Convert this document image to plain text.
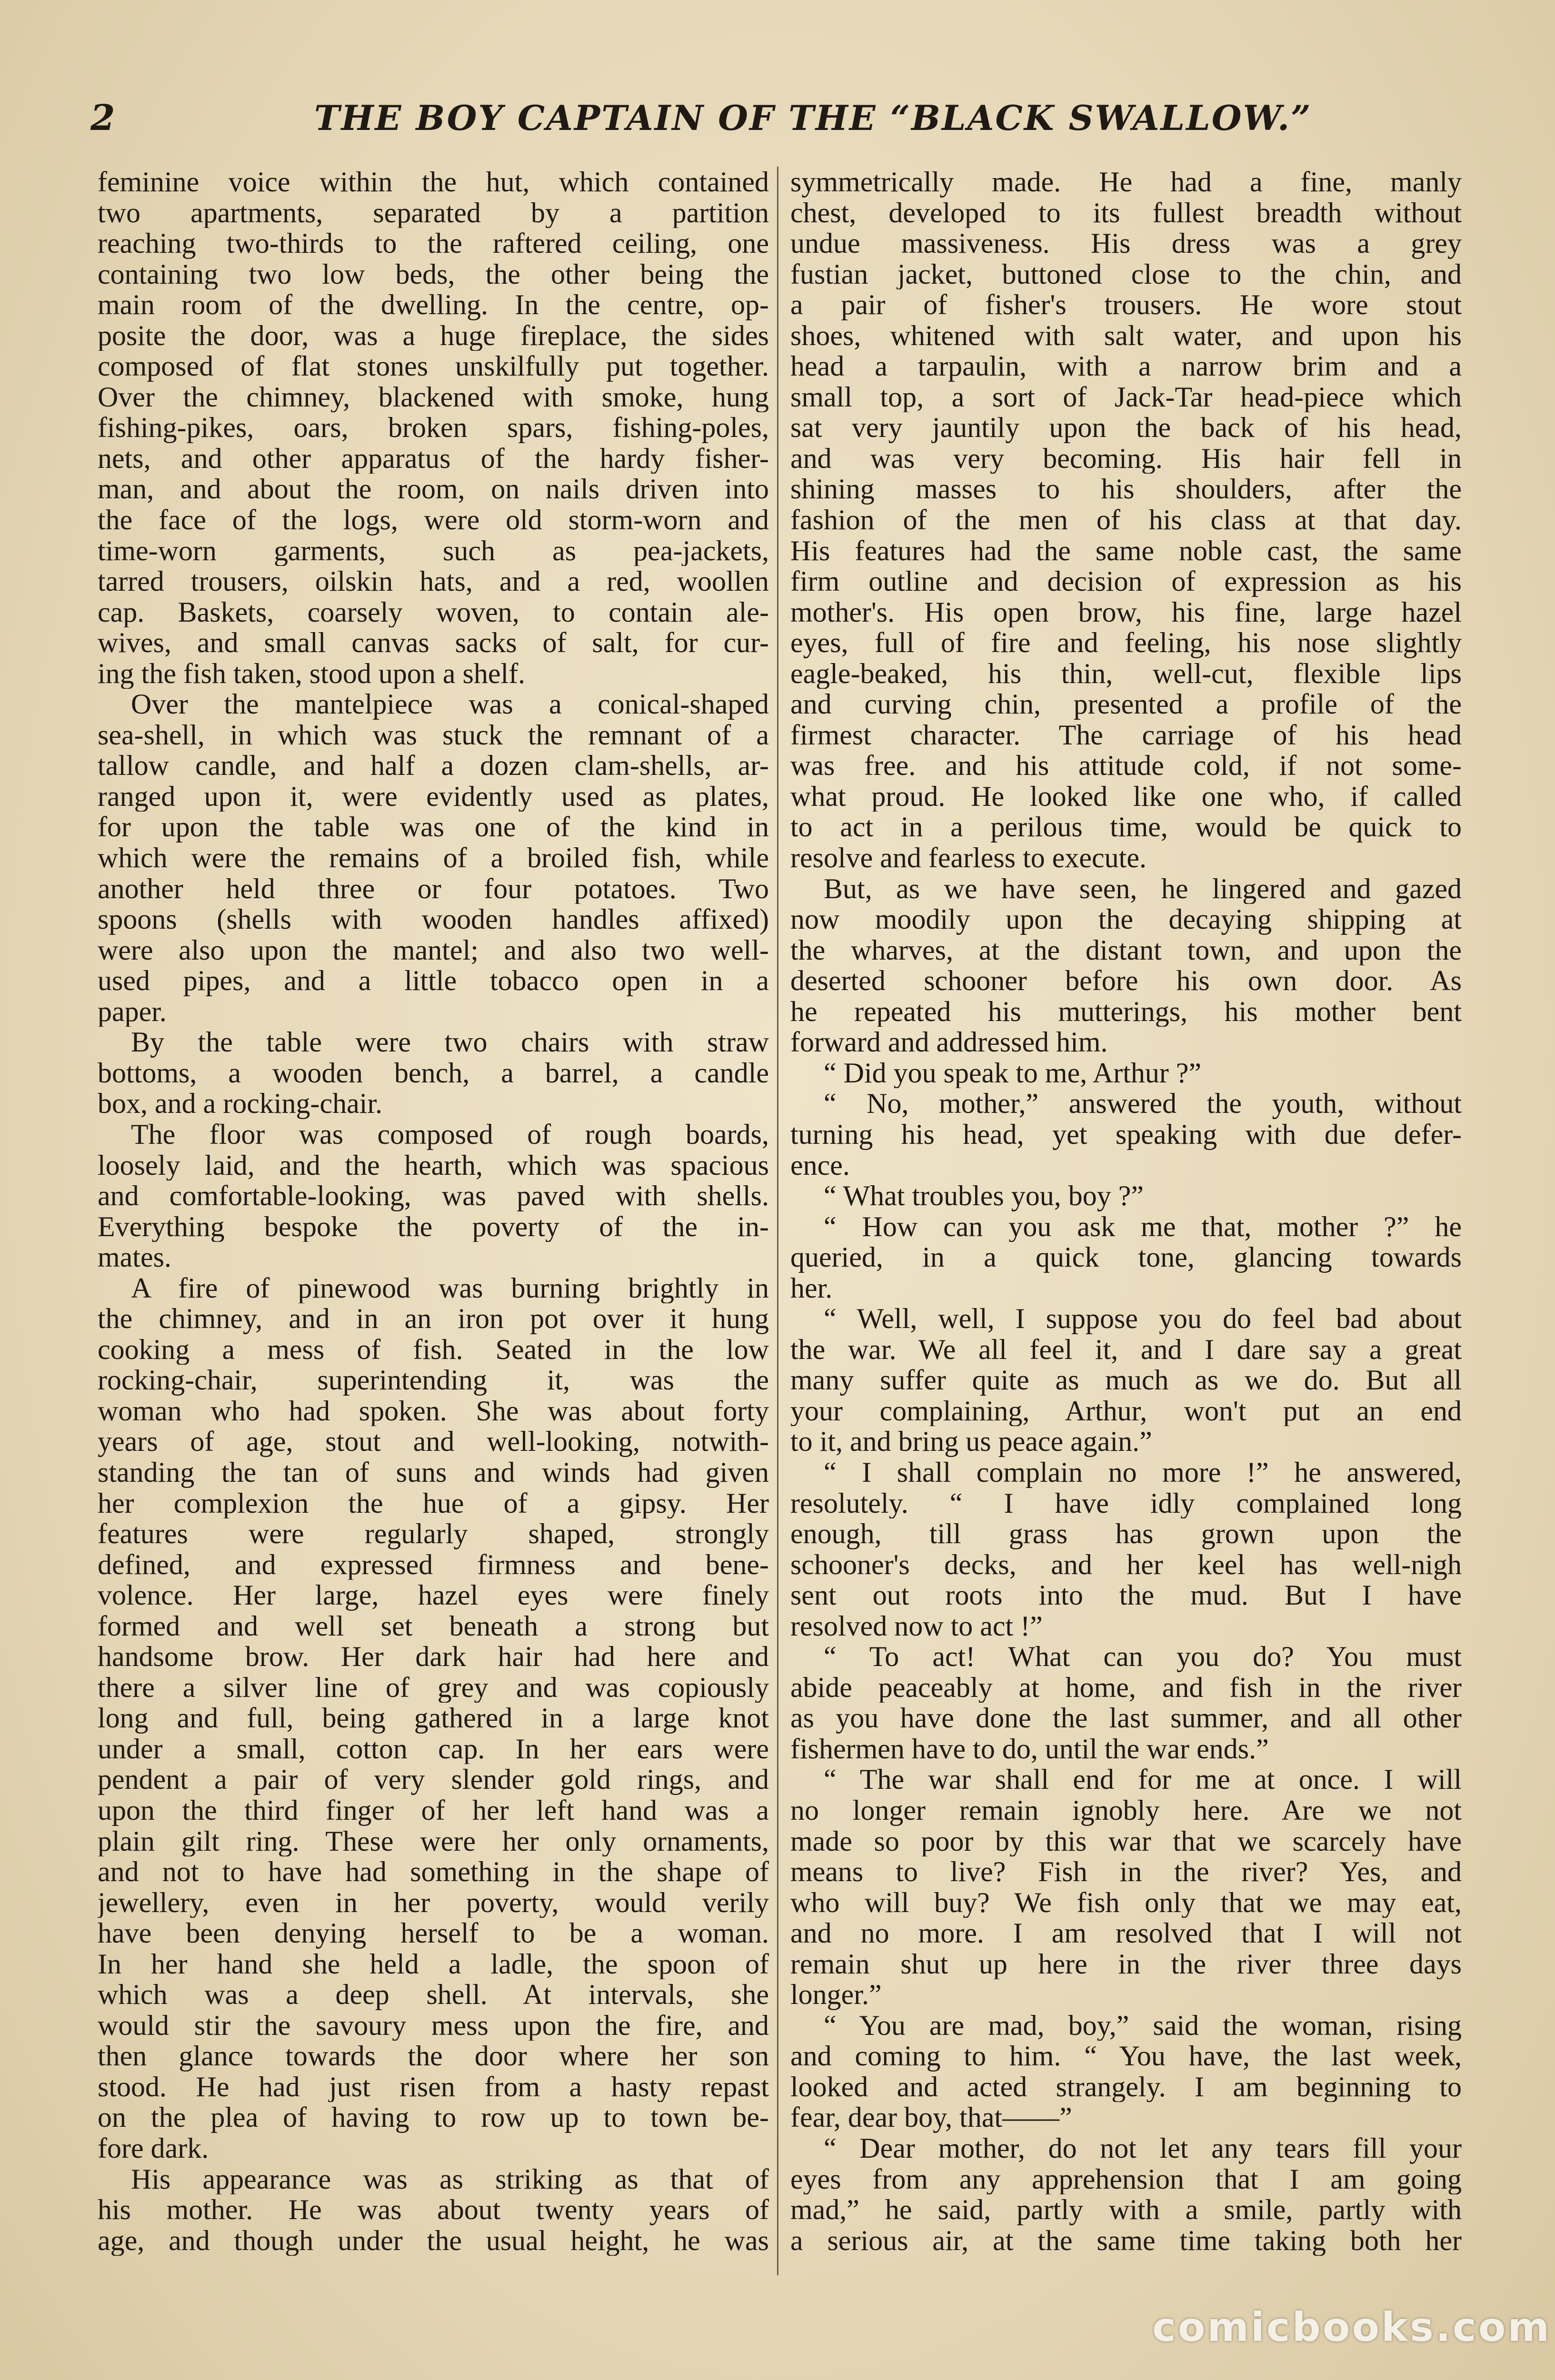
2	THE BOY CAPTAIN OF THE “BLACK SWALLOW.”
feminine voice within the hut, which contained
two apartments, separated by a partition
reaching two-thirds to the raftered ceiling, one
containing two low beds, the other being the
main room of the dwelling. In the centre, op-
posite the door, was a huge fireplace, the sides
composed of flat stones unskilfully put together.
Over the chimney, blackened with smoke, hung
fishing-pikes, oars, broken spars, fishing-poles,
nets, and other apparatus of the hardy fisher-
man, and about the room, on nails driven into
the face of the logs, were old storm-worn and
time-worn garments, such as pea-jackets,
tarred trousers, oilskin hats, and a red, woollen
cap. Baskets, coarsely woven, to contain ale-
wives, and small canvas sacks of salt, for cur-
ing the fish taken, stood upon a shelf.
Over the mantelpiece was a conical-shaped
sea-shell, in which was stuck the remnant of a
tallow candle, and half a dozen clam-shells, ar-
ranged upon it, were evidently used as plates,
for upon the table was one of the kind in
which were the remains of a broiled fish, while
another held three or four potatoes. Two
spoons (shells with wooden handles affixed)
were also upon the mantel; and also two well-
used pipes, and a little tobacco open in a
paper.
By the table were two chairs with straw
bottoms, a wooden bench, a barrel, a candle
box, and a rocking-chair.
The floor was composed of rough boards,
loosely laid, and the hearth, which was spacious
and comfortable-looking, was paved with shells.
Everything bespoke the poverty of the in-
mates.
A fire of pinewood was burning brightly in
the chimney, and in an iron pot over it hung
cooking a mess of fish. Seated in the low
rocking-chair, superintending it, was the
woman who had spoken. She was about forty
years of age, stout and well-looking, notwith-
standing the tan of suns and winds had given
her complexion the hue of a gipsy. Her
features were regularly shaped, strongly
defined, and expressed firmness and bene-
volence. Her large, hazel eyes were finely
formed and well set beneath a strong but
handsome brow. Her dark hair had here and
there a silver line of grey and was copiously
long and full, being gathered in a large knot
under a small, cotton cap. In her ears were
pendent a pair of very slender gold rings, and
upon the third finger of her left hand was a
plain gilt ring. These were her only ornaments,
and not to have had something in the shape of
jewellery, even in her poverty, would verily
have been denying herself to be a woman.
In her hand she held a ladle, the spoon of
which was a deep shell. At intervals, she
would stir the savoury mess upon the fire, and
then glance towards the door where her son
stood. He had just risen from a hasty repast
on the plea of having to row up to town be-
fore dark.
His appearance was as striking as that of
his mother. He was about twenty years of
age, and though under the usual height, he was
symmetrically made. He had a fine, manly
chest, developed to its fullest breadth without
undue massiveness. His dress was a grey
fustian jacket, buttoned close to the chin, and
a pair of fisher's trousers. He wore stout
shoes, whitened with salt water, and upon his
head a tarpaulin, with a narrow brim and a
small top, a sort of Jack-Tar head-piece which
sat very jauntily upon the back of his head,
and was very becoming. His hair fell in
shining masses to his shoulders, after the
fashion of the men of his class at that day.
His features had the same noble cast, the same
firm outline and decision of expression as his
mother's. His open brow, his fine, large hazel
eyes, full of fire and feeling, his nose slightly
eagle-beaked, his thin, well-cut, flexible lips
and curving chin, presented a profile of the
firmest character. The carriage of his head
was free. and his attitude cold, if not some-
what proud. He looked like one who, if called
to act in a perilous time, would be quick to
resolve and fearless to execute.
But, as we have seen, he lingered and gazed
now moodily upon the decaying shipping at
the wharves, at the distant town, and upon the
deserted schooner before his own door. As
he repeated his mutterings, his mother bent
forward and addressed him.
“ Did you speak to me, Arthur ?”
“ No, mother,” answered the youth, without
turning his head, yet speaking with due defer-
ence.
“ What troubles you, boy ?”
“ How can you ask me that, mother ?” he
queried, in a quick tone, glancing towards
her.
“ Well, well, I suppose you do feel bad about
the war. We all feel it, and I dare say a great
many suffer quite as much as we do. But all
your complaining, Arthur, won't put an end
to it, and bring us peace again.”
“ I shall complain no more !” he answered,
resolutely. “ I have idly complained long
enough, till grass has grown upon the
schooner's decks, and her keel has well-nigh
sent out roots into the mud. But I have
resolved now to act !”
“ To act! What can you do? You must
abide peaceably at home, and fish in the river
as you have done the last summer, and all other
fishermen have to do, until the war ends.”
“ The war shall end for me at once. I will
no longer remain ignobly here. Are we not
made so poor by this war that we scarcely have
means to live? Fish in the river? Yes, and
who will buy? We fish only that we may eat,
and no more. I am resolved that I will not
remain shut up here in the river three days
longer.”
“ You are mad, boy,” said the woman, rising
and coming to him. “ You have, the last week,
looked and acted strangely. I am beginning to
fear, dear boy, that——”
“ Dear mother, do not let any tears fill your
eyes from any apprehension that I am going
mad,” he said, partly with a smile, partly with
a serious air, at the same time taking both her
comicbooks.com
